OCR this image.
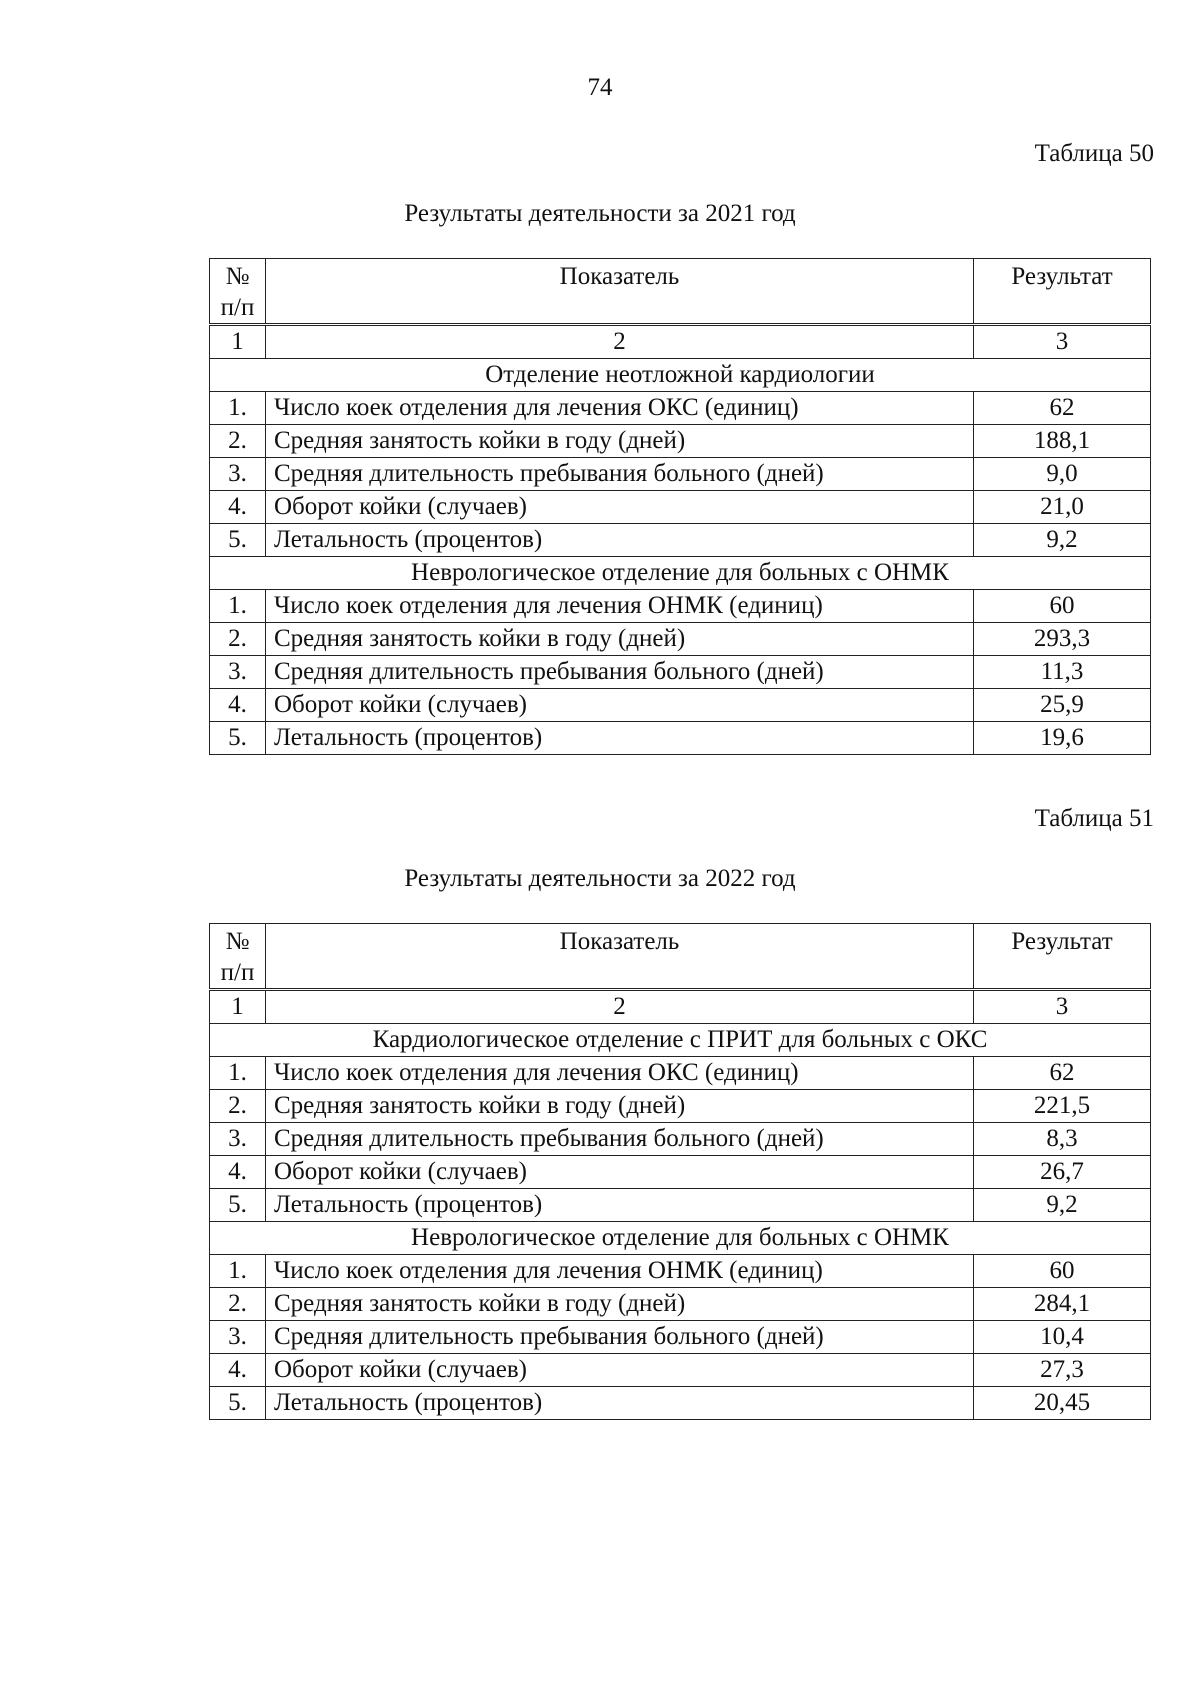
74
Таблица 50
Результаты деятельности за 2021 год
№
п/п	Показатель	Результат
1	2	3
Отделение неотложной кардиологии		
1.	Число коек отделения для лечения ОКС (единиц)	62
2.	Средняя занятость койки в году (дней)	188,1
3.	Средняя длительность пребывания больного (дней)	9,0
4.	Оборот койки (случаев)	21,0
5.	Летальность (процентов)	9,2
Неврологическое отделение для больных с ОНМК		
1.	Число коек отделения для лечения ОНМК (единиц)	60
2.	Средняя занятость койки в году (дней)	293,3
3.	Средняя длительность пребывания больного (дней)	11,3
4.	Оборот койки (случаев)	25,9
5.	Летальность (процентов)	19,6
Таблица 51
Результаты деятельности за 2022 год
№
п/п	Показатель	Результат
1	2	3
Кардиологическое отделение с ПРИТ для больных с ОКС		
1.	Число коек отделения для лечения ОКС (единиц)	62
2.	Средняя занятость койки в году (дней)	221,5
3.	Средняя длительность пребывания больного (дней)	8,3
4.	Оборот койки (случаев)	26,7
5.	Летальность (процентов)	9,2
Неврологическое отделение для больных с ОНМК		
1.	Число коек отделения для лечения ОНМК (единиц)	60
2.	Средняя занятость койки в году (дней)	284,1
3.	Средняя длительность пребывания больного (дней)	10,4
4.	Оборот койки (случаев)	27,3
5.	Летальность (процентов)	20,45
